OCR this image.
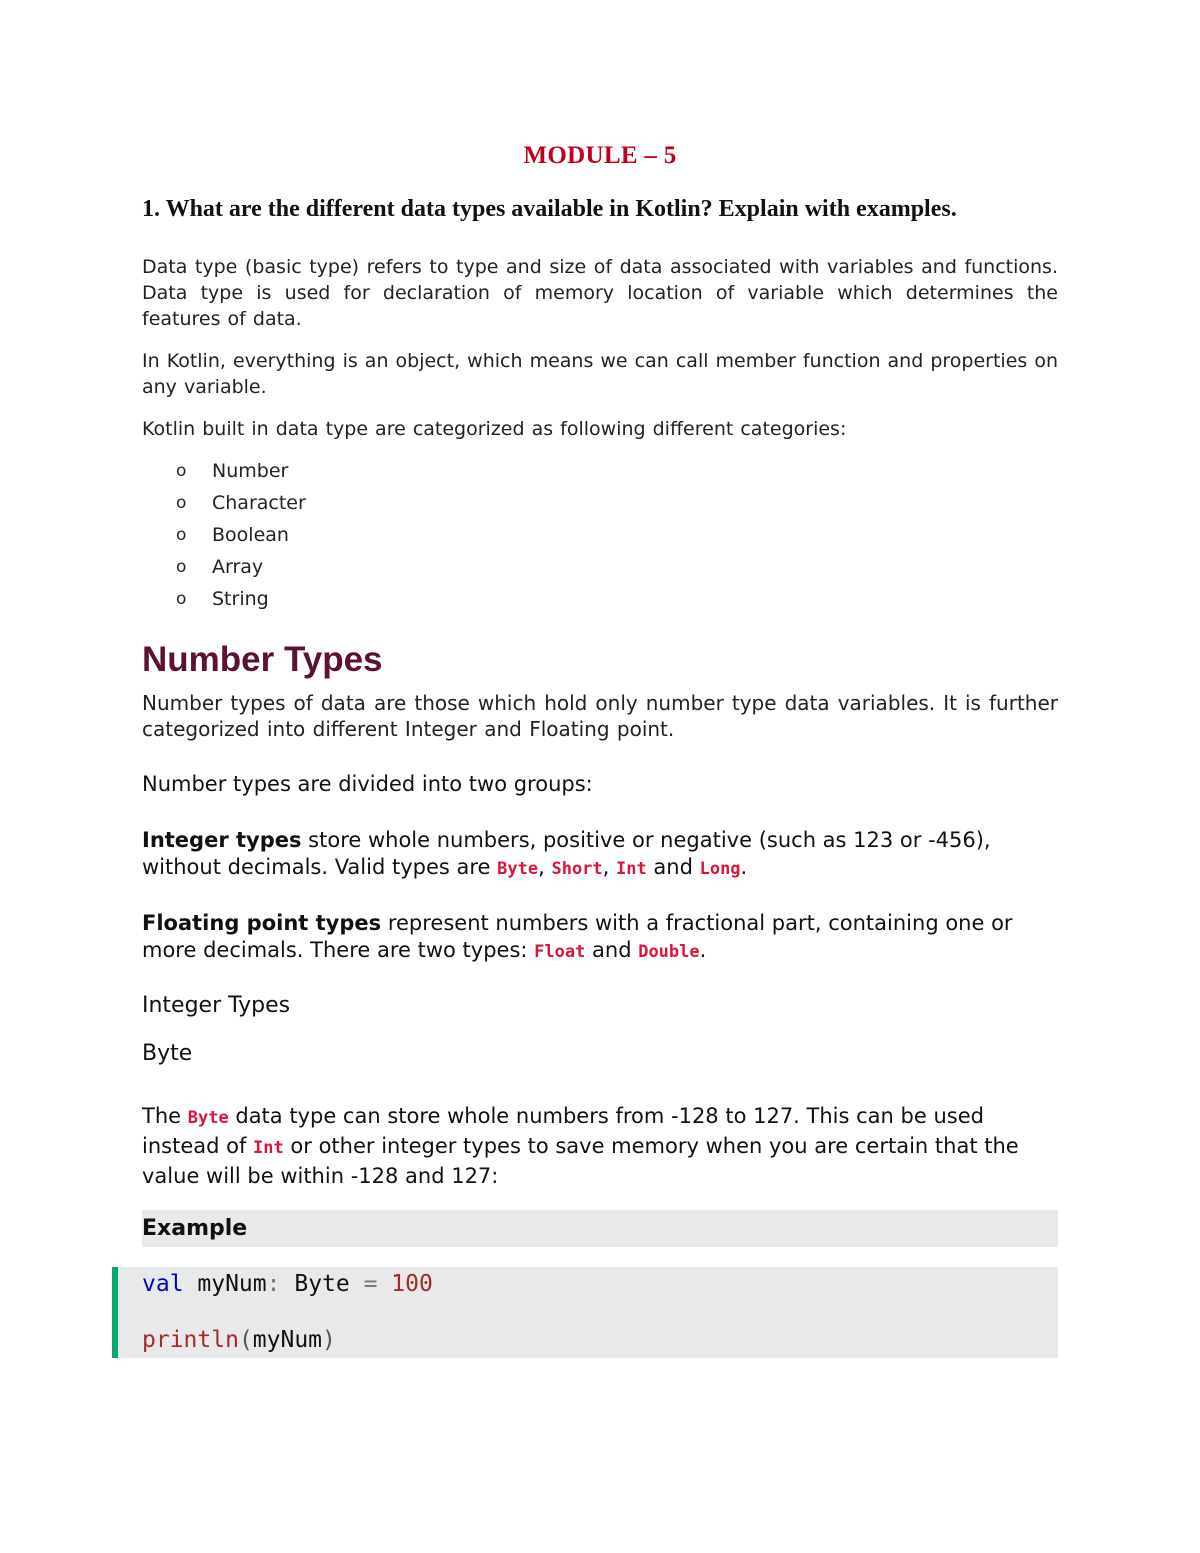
MODULE – 5
1. What are the different data types available in Kotlin? Explain with examples.
Data type (basic type) refers to type and size of data associated with variables and functions. Data type is used for declaration of memory location of variable which determines the features of data.
In Kotlin, everything is an object, which means we can call member function and properties on any variable.
Kotlin built in data type are categorized as following different categories:
o	Number
o	Character
o	Boolean
o	Array
o	String
Number Types
Number types of data are those which hold only number type data variables. It is further categorized into different Integer and Floating point.
Number types are divided into two groups:
Integer types store whole numbers, positive or negative (such as 123 or -456), without decimals. Valid types are Byte, Short, Int and Long.
Floating point types represent numbers with a fractional part, containing one or more decimals. There are two types: Float and Double.
Integer Types
Byte
The Byte data type can store whole numbers from -128 to 127. This can be used instead of Int or other integer types to save memory when you are certain that the value will be within -128 and 127:
Example
val myNum: Byte = 100
println(myNum)
